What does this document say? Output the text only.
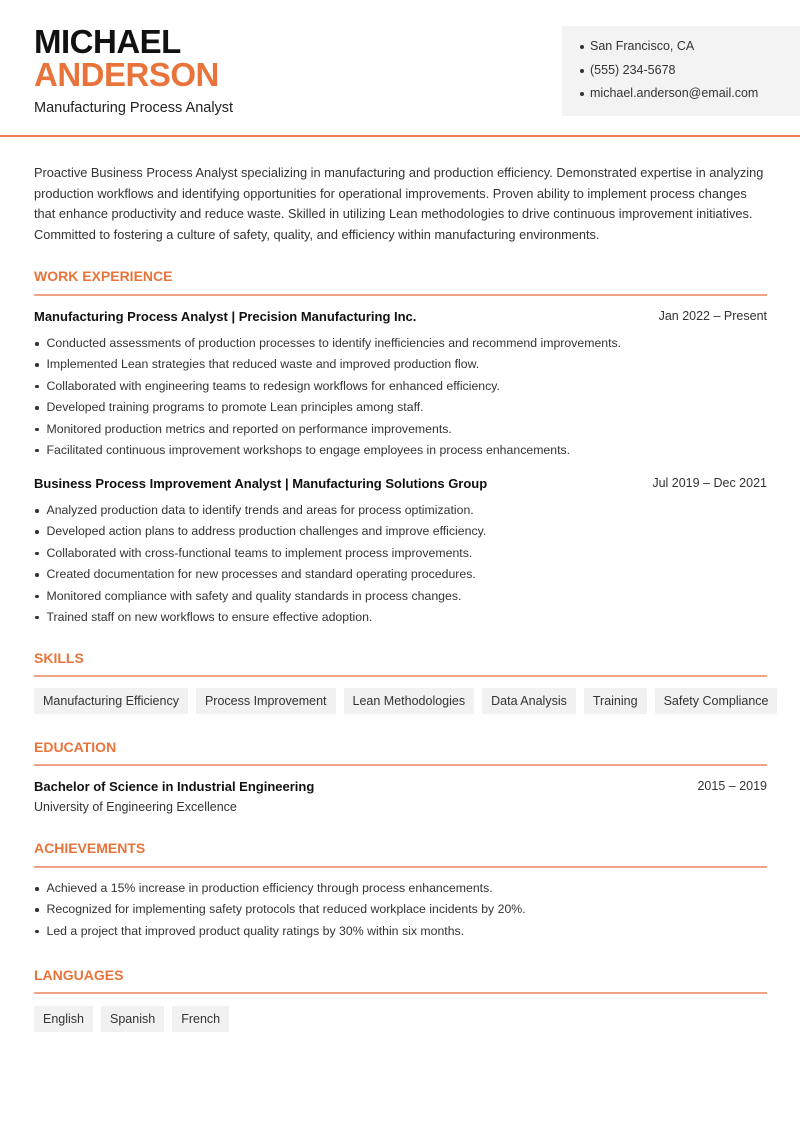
MICHAEL
ANDERSON
Manufacturing Process Analyst
San Francisco, CA
(555) 234-5678
michael.anderson@email.com
Proactive Business Process Analyst specializing in manufacturing and production efficiency. Demonstrated expertise in analyzing production workflows and identifying opportunities for operational improvements. Proven ability to implement process changes that enhance productivity and reduce waste. Skilled in utilizing Lean methodologies to drive continuous improvement initiatives. Committed to fostering a culture of safety, quality, and efficiency within manufacturing environments.
WORK EXPERIENCE
Manufacturing Process Analyst | Precision Manufacturing Inc.	Jan 2022 – Present
Conducted assessments of production processes to identify inefficiencies and recommend improvements.
Implemented Lean strategies that reduced waste and improved production flow.
Collaborated with engineering teams to redesign workflows for enhanced efficiency.
Developed training programs to promote Lean principles among staff.
Monitored production metrics and reported on performance improvements.
Facilitated continuous improvement workshops to engage employees in process enhancements.
Business Process Improvement Analyst | Manufacturing Solutions Group	Jul 2019 – Dec 2021
Analyzed production data to identify trends and areas for process optimization.
Developed action plans to address production challenges and improve efficiency.
Collaborated with cross-functional teams to implement process improvements.
Created documentation for new processes and standard operating procedures.
Monitored compliance with safety and quality standards in process changes.
Trained staff on new workflows to ensure effective adoption.
SKILLS
Manufacturing Efficiency	Process Improvement	Lean Methodologies	Data Analysis	Training	Safety Compliance
EDUCATION
Bachelor of Science in Industrial Engineering	2015 – 2019
University of Engineering Excellence
ACHIEVEMENTS
Achieved a 15% increase in production efficiency through process enhancements.
Recognized for implementing safety protocols that reduced workplace incidents by 20%.
Led a project that improved product quality ratings by 30% within six months.
LANGUAGES
English	Spanish	French
